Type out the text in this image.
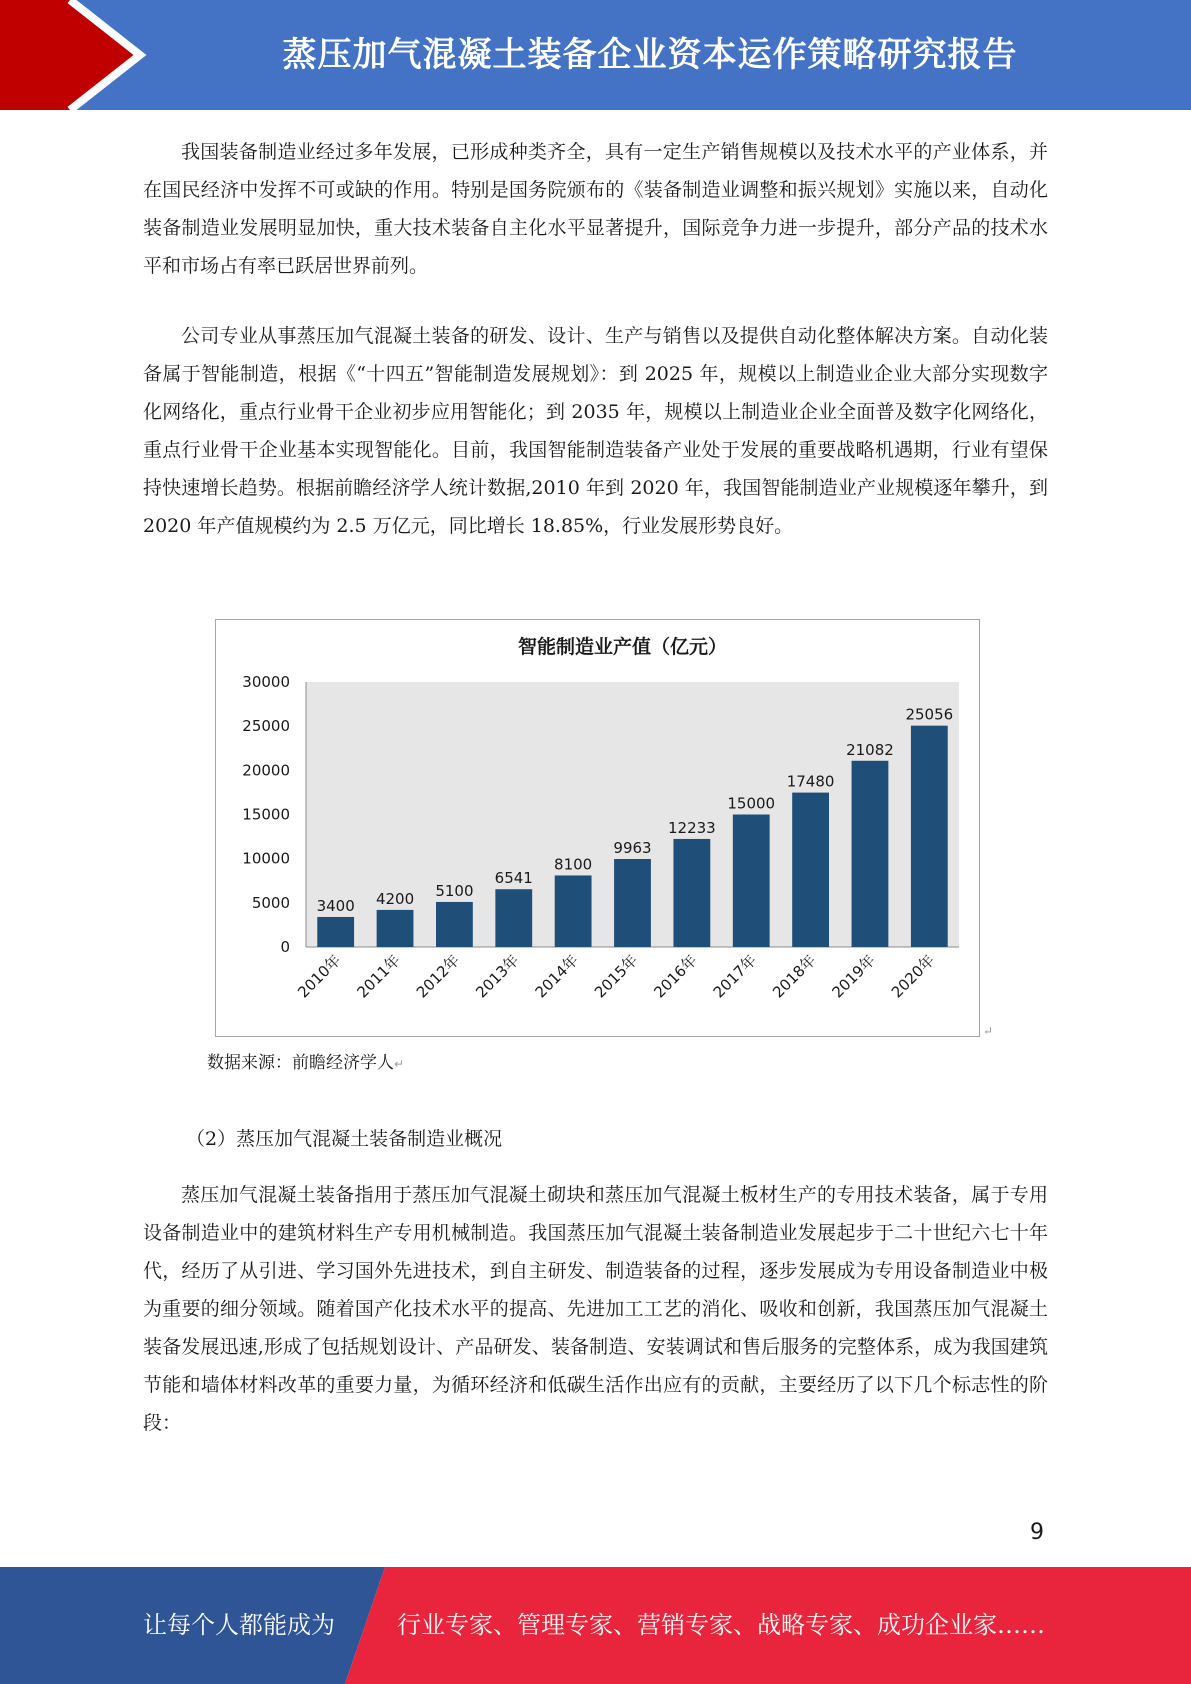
蒸压加气混凝土装备企业资本运作策略研究报告

我国装备制造业经过多年发展，已形成种类齐全，具有一定生产销售规模以及技术水平的产业体系，并在国民经济中发挥不可或缺的作用。特别是国务院颁布的《装备制造业调整和振兴规划》实施以来，自动化装备制造业发展明显加快，重大技术装备自主化水平显著提升，国际竞争力进一步提升，部分产品的技术水平和市场占有率已跃居世界前列。

公司专业从事蒸压加气混凝土装备的研发、设计、生产与销售以及提供自动化整体解决方案。自动化装备属于智能制造，根据《“十四五”智能制造发展规划》：到 2025 年，规模以上制造业企业大部分实现数字化网络化，重点行业骨干企业初步应用智能化；到 2035 年，规模以上制造业企业全面普及数字化网络化，重点行业骨干企业基本实现智能化。目前，我国智能制造装备产业处于发展的重要战略机遇期，行业有望保持快速增长趋势。根据前瞻经济学人统计数据,2010 年到 2020 年，我国智能制造业产业规模逐年攀升，到 2020 年产值规模约为 2.5 万亿元，同比增长 18.85%，行业发展形势良好。

智能制造业产值（亿元）
0
5000
10000
15000
20000
25000
30000
3400
2010年
4200
2011年
5100
2012年
6541
2013年
8100
2014年
9963
2015年
12233
2016年
15000
2017年
17480
2018年
21082
2019年
25056
2020年
↵
数据来源：前瞻经济学人↵

（2）蒸压加气混凝土装备制造业概况

蒸压加气混凝土装备指用于蒸压加气混凝土砌块和蒸压加气混凝土板材生产的专用技术装备，属于专用设备制造业中的建筑材料生产专用机械制造。我国蒸压加气混凝土装备制造业发展起步于二十世纪六七十年代，经历了从引进、学习国外先进技术，到自主研发、制造装备的过程，逐步发展成为专用设备制造业中极为重要的细分领域。随着国产化技术水平的提高、先进加工工艺的消化、吸收和创新，我国蒸压加气混凝土装备发展迅速,形成了包括规划设计、产品研发、装备制造、安装调试和售后服务的完整体系，成为我国建筑节能和墙体材料改革的重要力量，为循环经济和低碳生活作出应有的贡献，主要经历了以下几个标志性的阶段：

9
让每个人都能成为	行业专家、管理专家、营销专家、战略专家、成功企业家……
